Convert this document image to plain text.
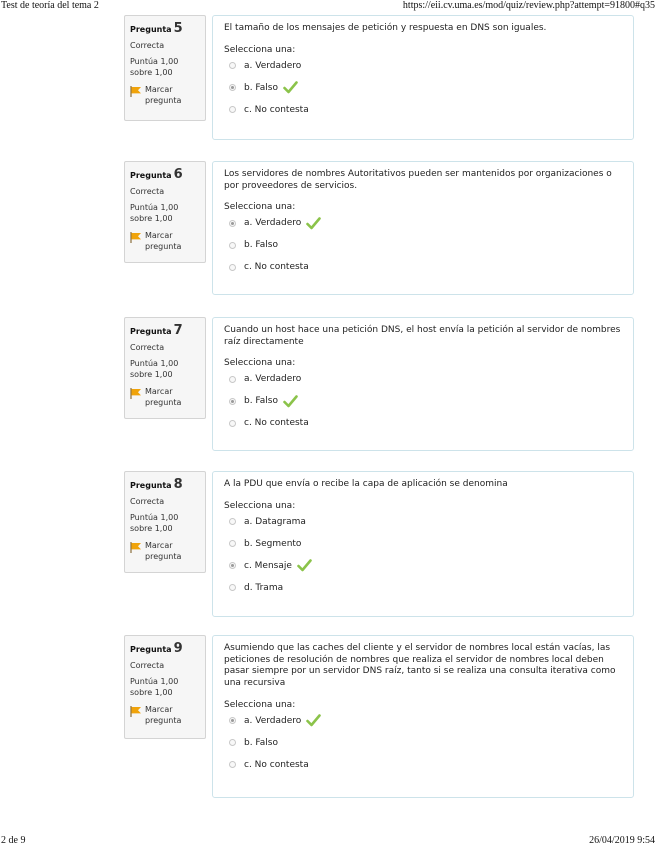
Test de teoría del tema 2	https://eii.cv.uma.es/mod/quiz/review.php?attempt=91800#q35
Pregunta 5
Correcta
Puntúa 1,00 sobre 1,00
Marcar pregunta
El tamaño de los mensajes de petición y respuesta en DNS son iguales.
Selecciona una:
a. Verdadero
b. Falso
c. No contesta
Pregunta 6
Correcta
Puntúa 1,00 sobre 1,00
Marcar pregunta
Los servidores de nombres Autoritativos pueden ser mantenidos por organizaciones o por proveedores de servicios.
Selecciona una:
a. Verdadero
b. Falso
c. No contesta
Pregunta 7
Correcta
Puntúa 1,00 sobre 1,00
Marcar pregunta
Cuando un host hace una petición DNS, el host envía la petición al servidor de nombres raíz directamente
Selecciona una:
a. Verdadero
b. Falso
c. No contesta
Pregunta 8
Correcta
Puntúa 1,00 sobre 1,00
Marcar pregunta
A la PDU que envía o recibe la capa de aplicación se denomina
Selecciona una:
a. Datagrama
b. Segmento
c. Mensaje
d. Trama
Pregunta 9
Correcta
Puntúa 1,00 sobre 1,00
Marcar pregunta
Asumiendo que las caches del cliente y el servidor de nombres local están vacías, las peticiones de resolución de nombres que realiza el servidor de nombres local deben pasar siempre por un servidor DNS raíz, tanto si se realiza una consulta iterativa como una recursiva
Selecciona una:
a. Verdadero
b. Falso
c. No contesta
2 de 9	26/04/2019 9:54
